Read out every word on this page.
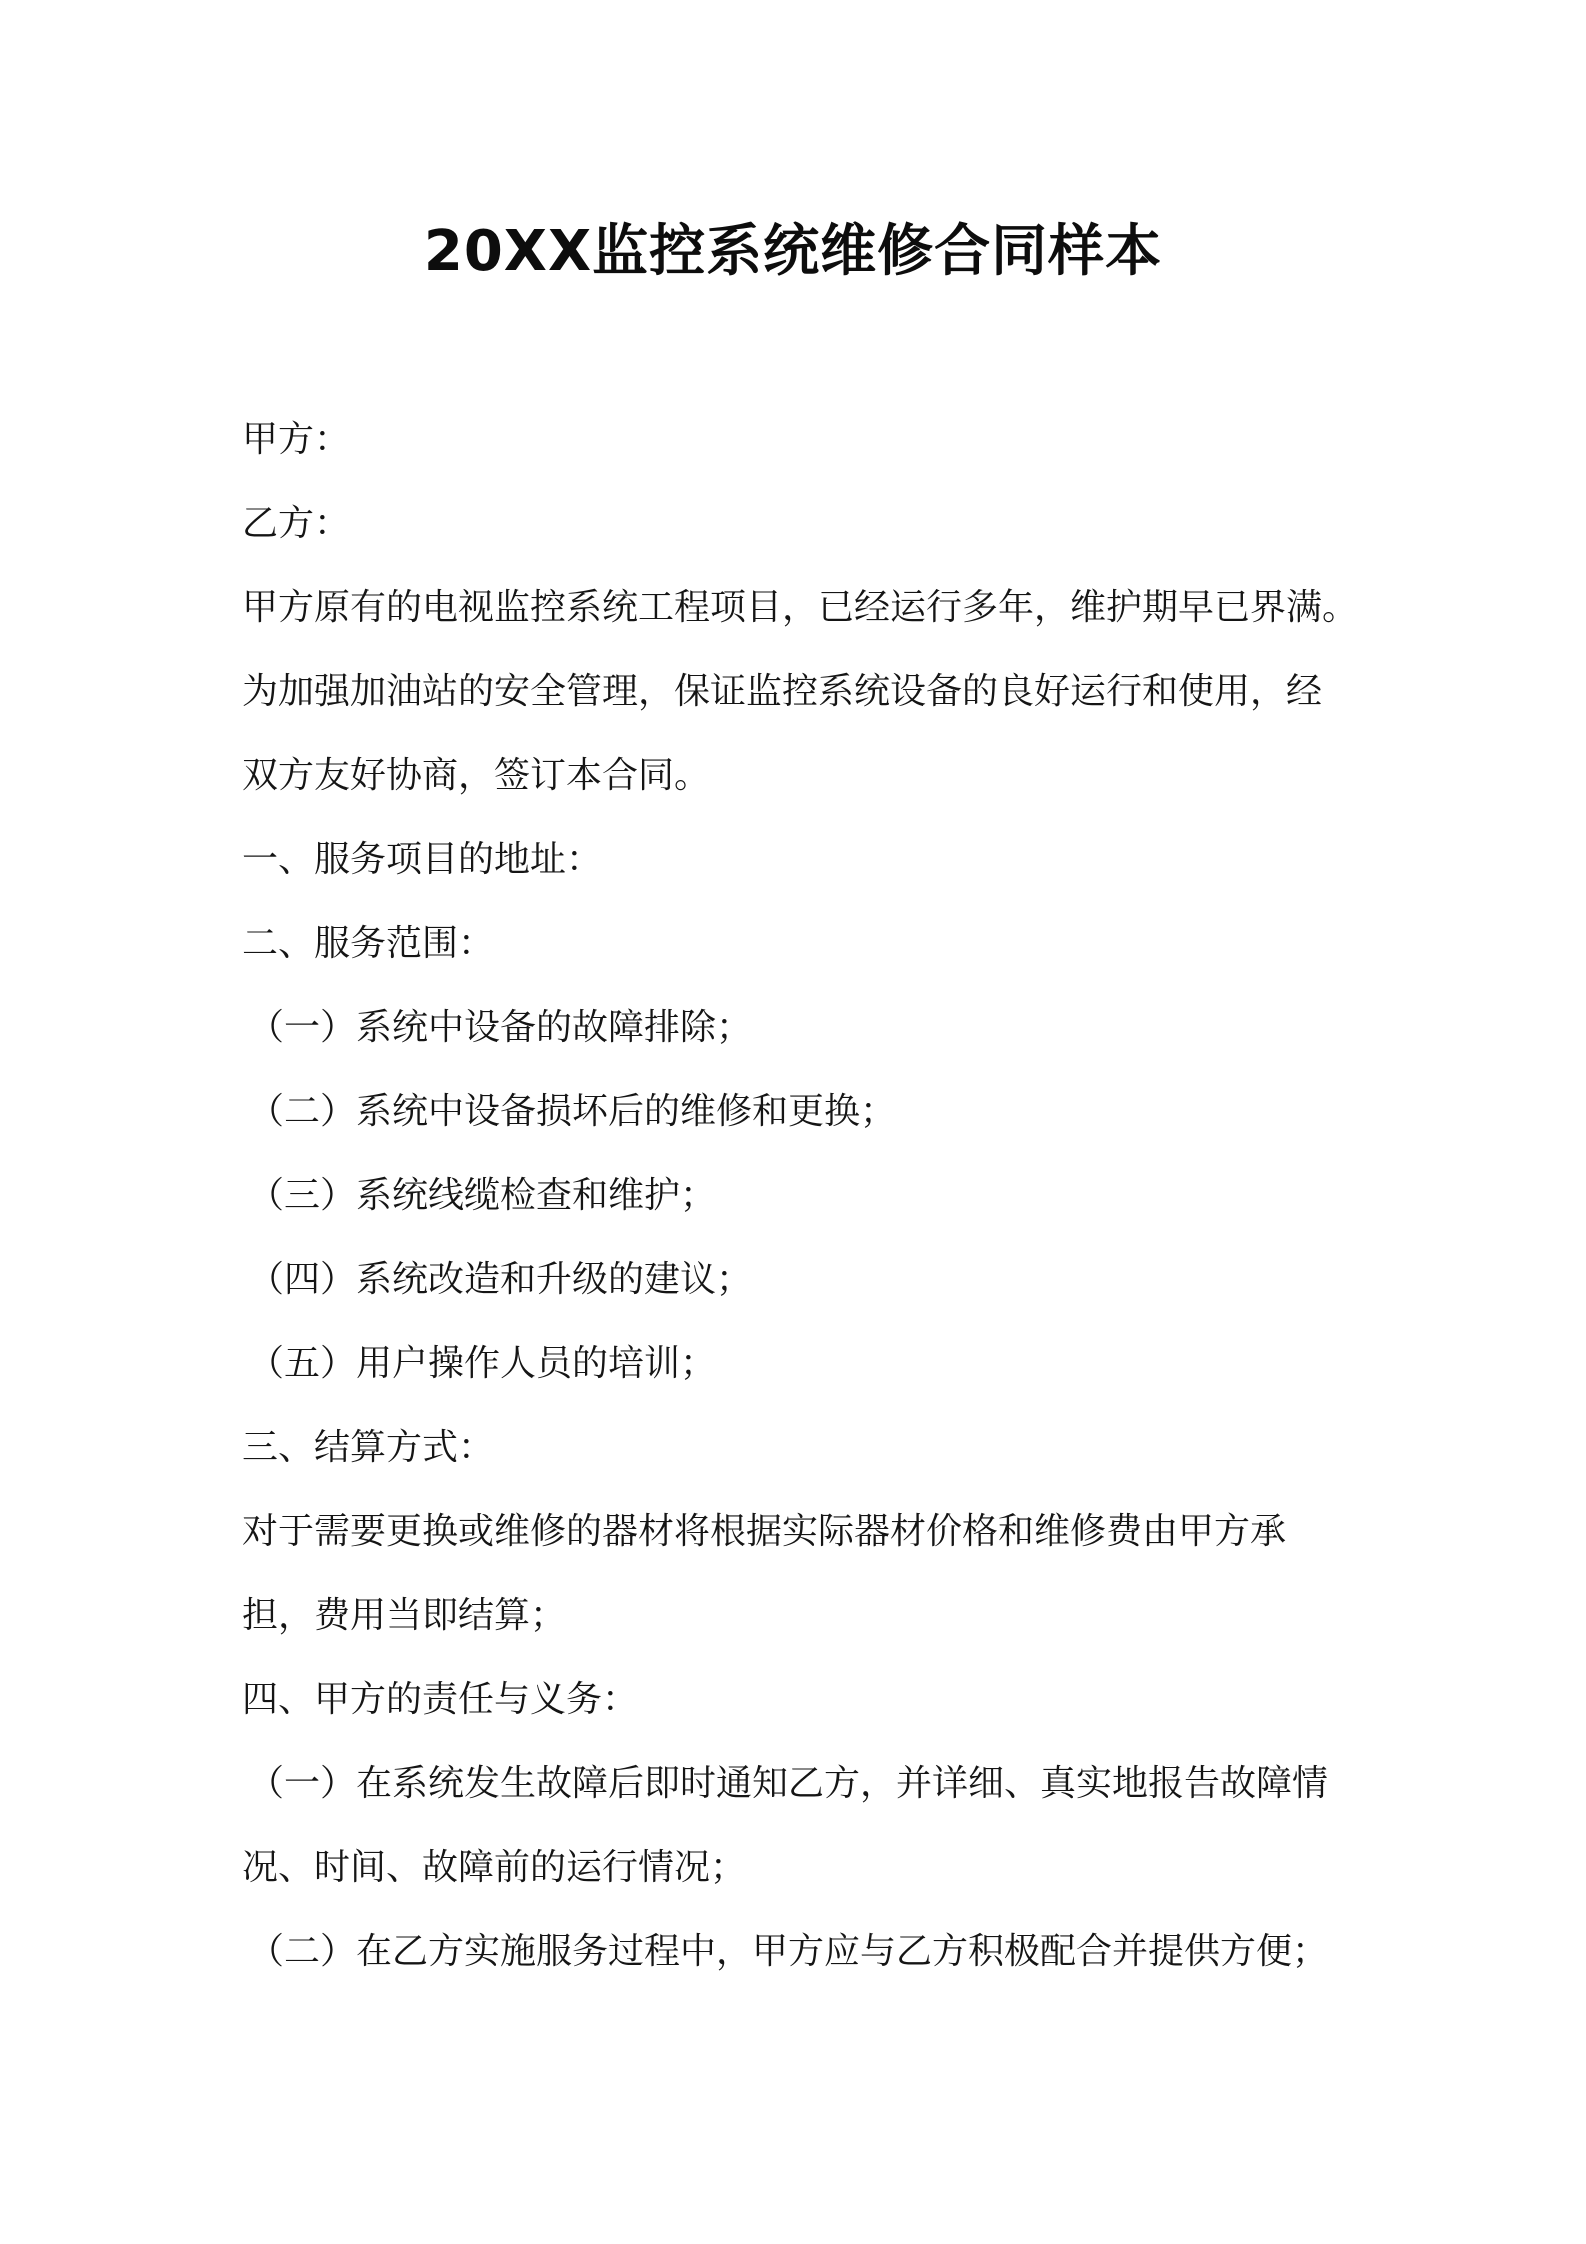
20XX监控系统维修合同样本
甲方：
乙方：
甲方原有的电视监控系统工程项目，已经运行多年，维护期早已界满。
为加强加油站的安全管理，保证监控系统设备的良好运行和使用，经
双方友好协商，签订本合同。
一、服务项目的地址：
二、服务范围：
（一）系统中设备的故障排除；
（二）系统中设备损坏后的维修和更换；
（三）系统线缆检查和维护；
（四）系统改造和升级的建议；
（五）用户操作人员的培训；
三、结算方式：
对于需要更换或维修的器材将根据实际器材价格和维修费由甲方承
担，费用当即结算；
四、甲方的责任与义务：
（一）在系统发生故障后即时通知乙方，并详细、真实地报告故障情
况、时间、故障前的运行情况；
（二）在乙方实施服务过程中，甲方应与乙方积极配合并提供方便；
